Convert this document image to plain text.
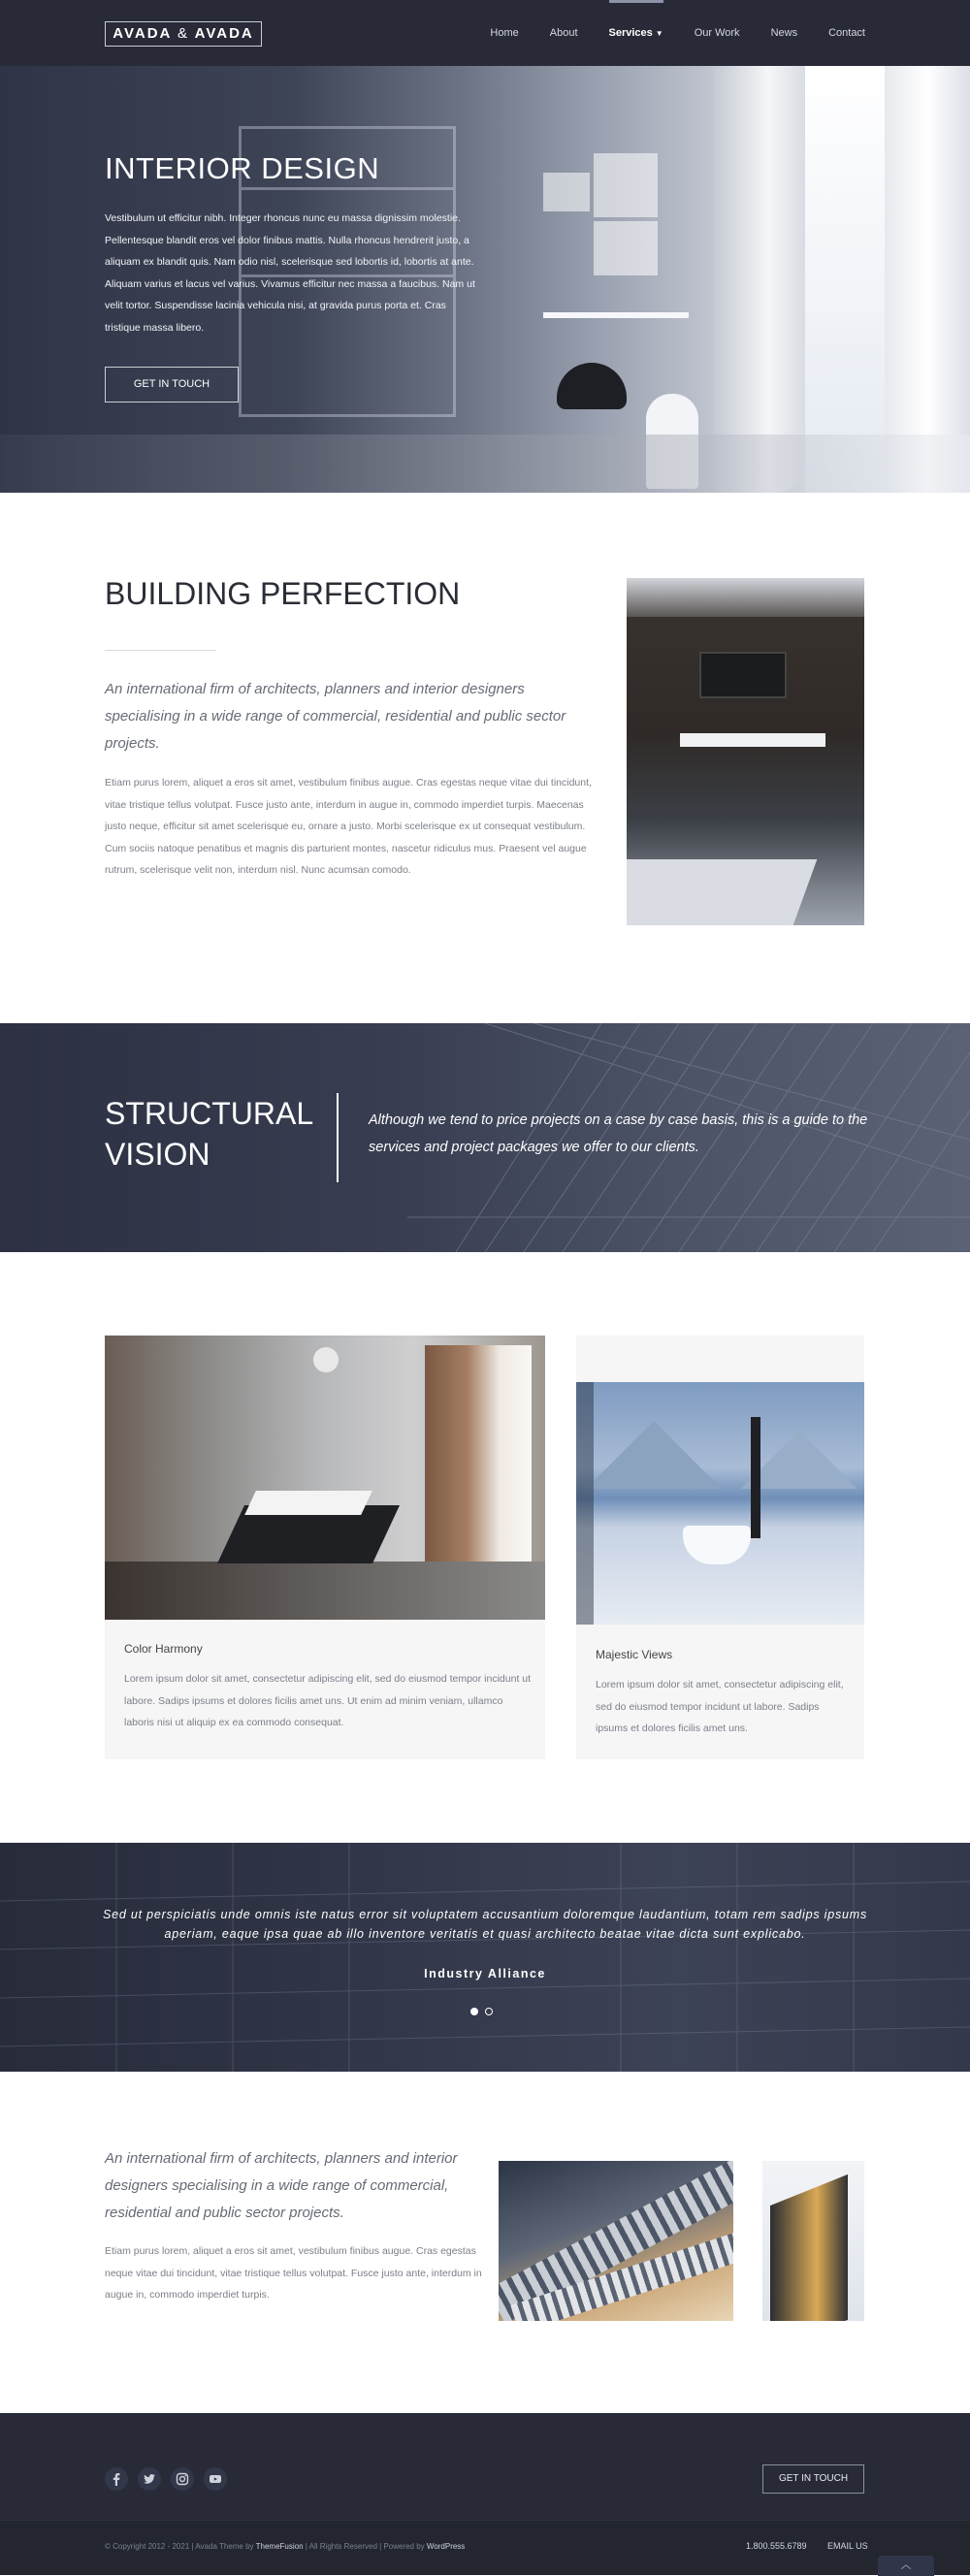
AVADA & AVADA	Home	About	Services ▼	Our Work	News	Contact
INTERIOR DESIGN
Vestibulum ut efficitur nibh. Integer rhoncus nunc eu massa dignissim molestie. Pellentesque blandit eros vel dolor finibus mattis. Nulla rhoncus hendrerit justo, a aliquam ex blandit quis. Nam odio nisl, scelerisque sed lobortis id, lobortis at ante. Aliquam varius et lacus vel varius. Vivamus efficitur nec massa a faucibus. Nam ut velit tortor. Suspendisse lacinia vehicula nisi, at gravida purus porta et. Cras tristique massa libero.
GET IN TOUCH
BUILDING PERFECTION
An international firm of architects, planners and interior designers specialising in a wide range of commercial, residential and public sector projects.
Etiam purus lorem, aliquet a eros sit amet, vestibulum finibus augue. Cras egestas neque vitae dui tincidunt, vitae tristique tellus volutpat. Fusce justo ante, interdum in augue in, commodo imperdiet turpis. Maecenas justo neque, efficitur sit amet scelerisque eu, ornare a justo. Morbi scelerisque ex ut consequat vestibulum. Cum sociis natoque penatibus et magnis dis parturient montes, nascetur ridiculus mus. Praesent vel augue rutrum, scelerisque velit non, interdum nisl. Nunc acumsan comodo.
STRUCTURAL
VISION
Although we tend to price projects on a case by case basis, this is a guide to the services and project packages we offer to our clients.
Color Harmony
Lorem ipsum dolor sit amet, consectetur adipiscing elit, sed do eiusmod tempor incidunt ut labore. Sadips ipsums et dolores ficilis amet uns. Ut enim ad minim veniam, ullamco laboris nisi ut aliquip ex ea commodo consequat.
Majestic Views
Lorem ipsum dolor sit amet, consectetur adipiscing elit, sed do eiusmod tempor incidunt ut labore. Sadips ipsums et dolores ficilis amet uns.
Sed ut perspiciatis unde omnis iste natus error sit voluptatem accusantium doloremque laudantium, totam rem sadips ipsums aperiam, eaque ipsa quae ab illo inventore veritatis et quasi architecto beatae vitae dicta sunt explicabo.
Industry Alliance
An international firm of architects, planners and interior designers specialising in a wide range of commercial, residential and public sector projects.
Etiam purus lorem, aliquet a eros sit amet, vestibulum finibus augue. Cras egestas neque vitae dui tincidunt, vitae tristique tellus volutpat. Fusce justo ante, interdum in augue in, commodo imperdiet turpis.
GET IN TOUCH
© Copyright 2012 - 2021 | Avada Theme by ThemeFusion | All Rights Reserved | Powered by WordPress	1.800.555.6789 EMAIL US
︿
